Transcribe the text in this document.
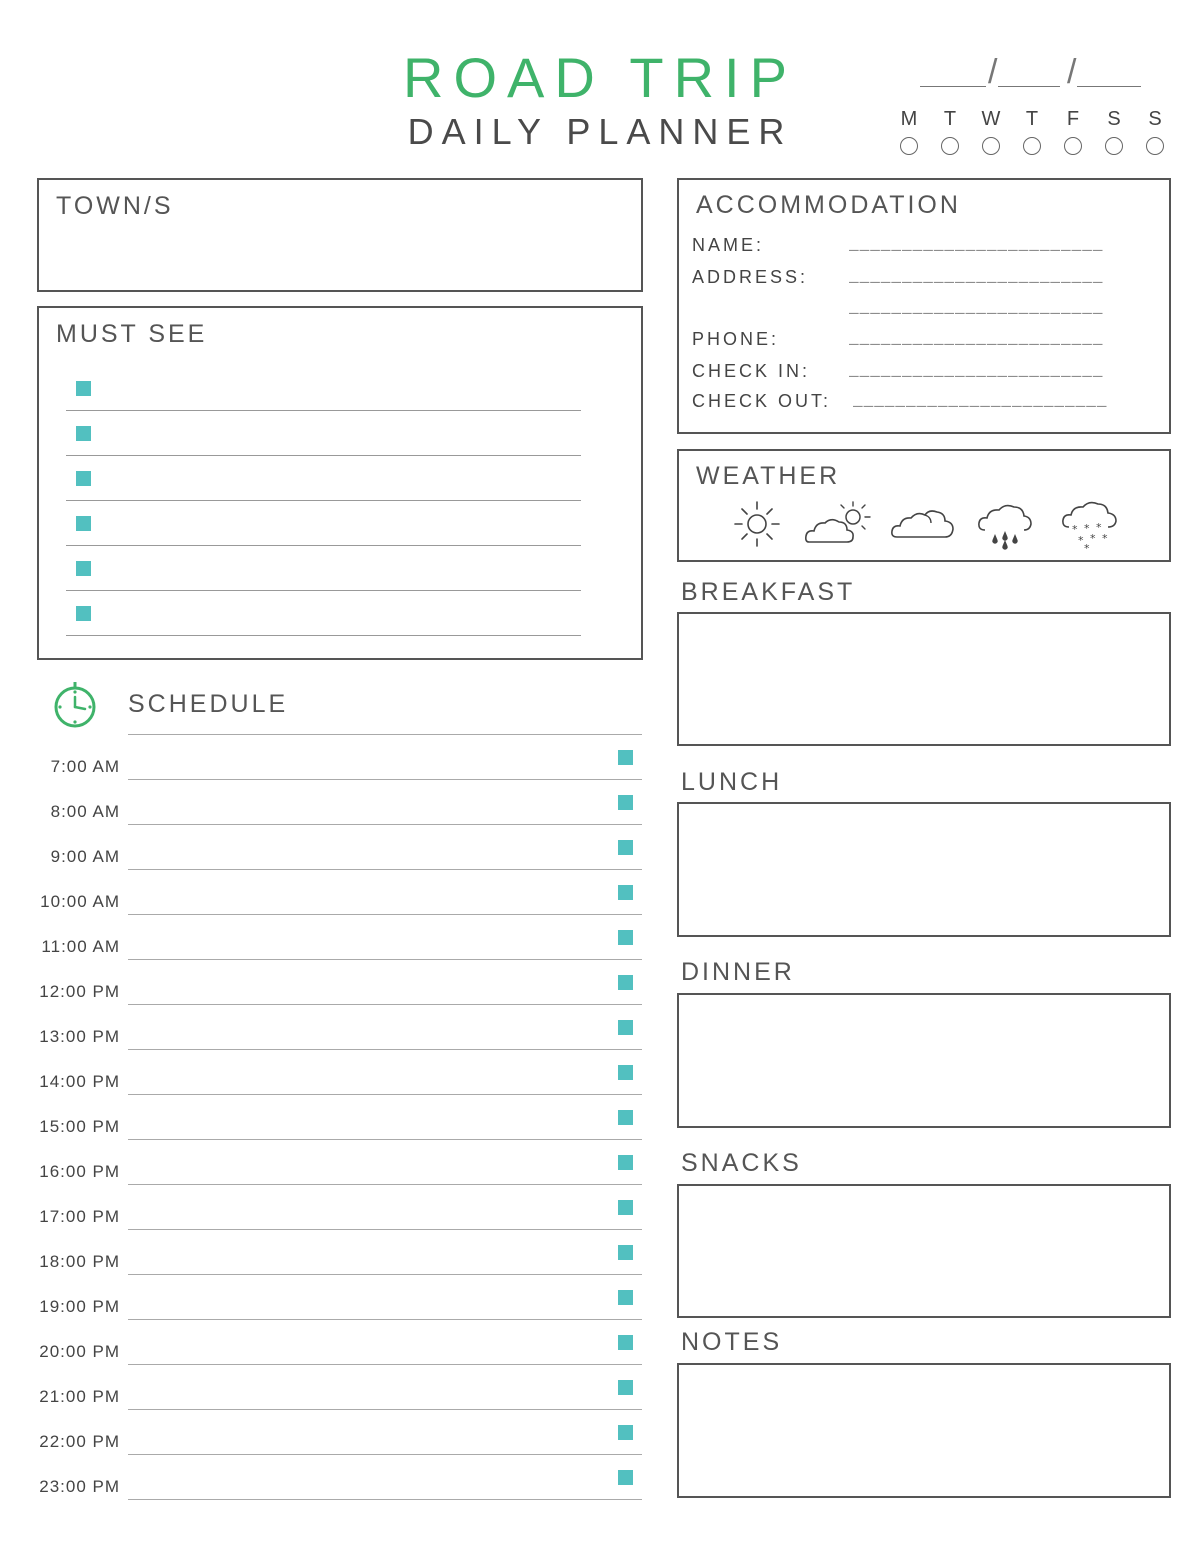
ROAD TRIP
DAILY PLANNER
/ /
M T W T F S S
TOWN/S
MUST SEE
SCHEDULE
7:00 AM
8:00 AM
9:00 AM
10:00 AM
11:00 AM
12:00 PM
13:00 PM
14:00 PM
15:00 PM
16:00 PM
17:00 PM
18:00 PM
19:00 PM
20:00 PM
21:00 PM
22:00 PM
23:00 PM
ACCOMMODATION
NAME:	________________________
ADDRESS:	________________________
________________________
PHONE:	________________________
CHECK IN: ________________________
CHECK OUT: ________________________
WEATHER
* * *
* * *
*
BREAKFAST
LUNCH
DINNER
SNACKS
NOTES
